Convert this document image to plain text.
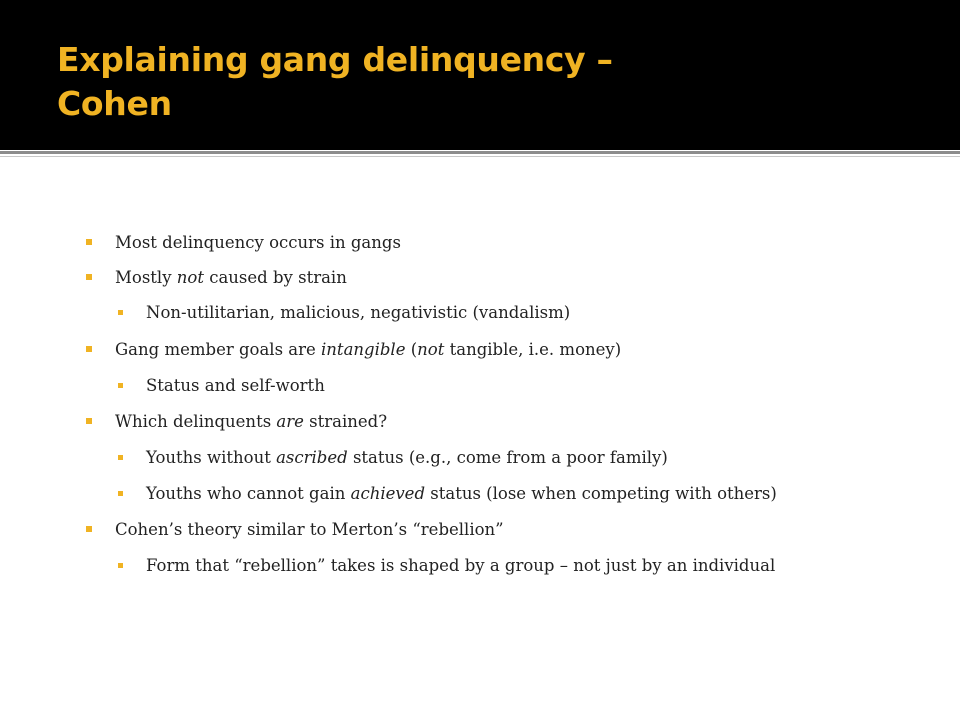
Explaining gang delinquency –
Cohen
Most delinquency occurs in gangs
Mostly not caused by strain
Non-utilitarian, malicious, negativistic (vandalism)
Gang member goals are intangible (not tangible, i.e. money)
Status and self-worth
Which delinquents are strained?
Youths without ascribed status (e.g., come from a poor family)
Youths who cannot gain achieved status (lose when competing with others)
Cohen’s theory similar to Merton’s “rebellion”
Form that “rebellion” takes is shaped by a group – not just by an individual
